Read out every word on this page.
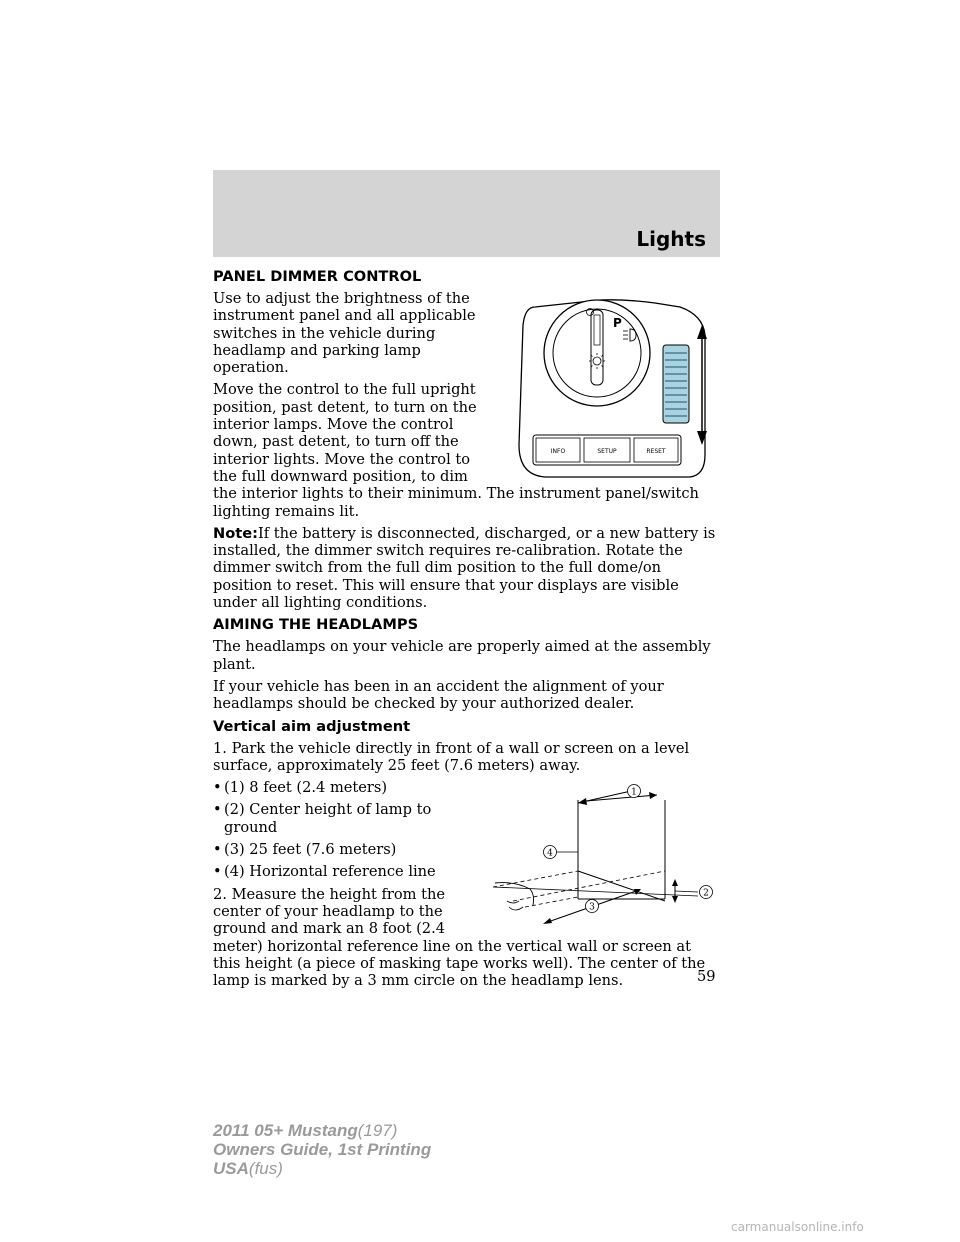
Lights
PANEL DIMMER CONTROL
P
INFO	SETUP	RESET

Use to adjust the brightness of the instrument panel and all applicable switches in the vehicle during headlamp and parking lamp operation.

Move the control to the full upright position, past detent, to turn on the interior lamps. Move the control down, past detent, to turn off the interior lights. Move the control to the full downward position, to dim the interior lights to their minimum. The instrument panel/switch lighting remains lit.

Note:If the battery is disconnected, discharged, or a new battery is installed, the dimmer switch requires re-calibration. Rotate the dimmer switch from the full dim position to the full dome/on position to reset. This will ensure that your displays are visible under all lighting conditions.

AIMING THE HEADLAMPS

The headlamps on your vehicle are properly aimed at the assembly plant.

If your vehicle has been in an accident the alignment of your headlamps should be checked by your authorized dealer.

Vertical aim adjustment

1. Park the vehicle directly in front of a wall or screen on a level surface, approximately 25 feet (7.6 meters) away.

1
4
2
3
• (1) 8 feet (2.4 meters)
• (2) Center height of lamp to ground
• (3) 25 feet (7.6 meters)
• (4) Horizontal reference line

2. Measure the height from the center of your headlamp to the ground and mark an 8 foot (2.4 meter) horizontal reference line on the vertical wall or screen at this height (a piece of masking tape works well). The center of the lamp is marked by a 3 mm circle on the headlamp lens.	59
2011 05+ Mustang(197)
Owners Guide, 1st Printing
USA(fus)
carmanualsonline.info
